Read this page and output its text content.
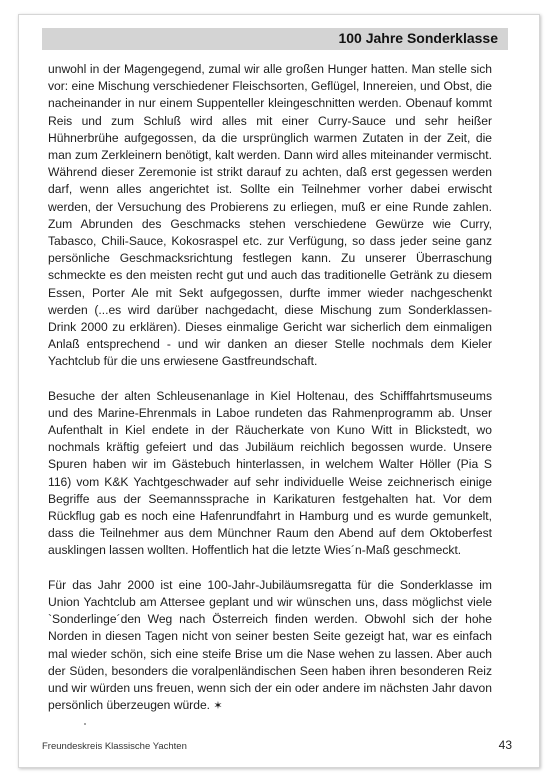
100 Jahre Sonderklasse

unwohl in der Magengegend, zumal wir alle großen Hunger hatten. Man stelle sich vor: eine Mischung verschiedener Fleischsorten, Geflügel, Innereien, und Obst, die nacheinander in nur einem Suppenteller kleingeschnitten werden. Obenauf kommt Reis und zum Schluß wird alles mit einer Curry-Sauce und sehr heißer Hühnerbrühe aufgegossen, da die ursprünglich warmen Zutaten in der Zeit, die man zum Zerkleinern benötigt, kalt werden. Dann wird alles miteinander vermischt. Während dieser Zeremonie ist strikt darauf zu achten, daß erst gegessen werden darf, wenn alles angerichtet ist. Sollte ein Teilnehmer vorher dabei erwischt werden, der Versuchung des Probierens zu erliegen, muß er eine Runde zahlen. Zum Abrunden des Geschmacks stehen verschiedene Gewürze wie Curry, Tabasco, Chili-Sauce, Kokosraspel etc. zur Verfügung, so dass jeder seine ganz persönliche Geschmacksrichtung festlegen kann. Zu unserer Überraschung schmeckte es den meisten recht gut und auch das traditionelle Getränk zu diesem Essen, Porter Ale mit Sekt aufgegossen, durfte immer wieder nachgeschenkt werden (...es wird darüber nachgedacht, diese Mischung zum Sonderklassen-Drink 2000 zu erklären). Dieses einmalige Gericht war sicherlich dem einmaligen Anlaß entsprechend - und wir danken an dieser Stelle nochmals dem Kieler Yachtclub für die uns erwiesene Gastfreundschaft.

Besuche der alten Schleusenanlage in Kiel Holtenau, des Schifffahrtsmuseums und des Marine-Ehrenmals in Laboe rundeten das Rahmenprogramm ab. Unser Aufenthalt in Kiel endete in der Räucherkate von Kuno Witt in Blickstedt, wo nochmals kräftig gefeiert und das Jubiläum reichlich begossen wurde. Unsere Spuren haben wir im Gästebuch hinterlassen, in welchem Walter Höller (Pia S 116) vom K&K Yachtgeschwader auf sehr individuelle Weise zeichnerisch einige Begriffe aus der Seemannssprache in Karikaturen festgehalten hat. Vor dem Rückflug gab es noch eine Hafenrundfahrt in Hamburg und es wurde gemunkelt, dass die Teilnehmer aus dem Münchner Raum den Abend auf dem Oktoberfest ausklingen lassen wollten. Hoffentlich hat die letzte Wies´n-Maß geschmeckt.

Für das Jahr 2000 ist eine 100-Jahr-Jubiläumsregatta für die Sonderklasse im Union Yachtclub am Attersee geplant und wir wünschen uns, dass möglichst viele `Sonderlinge´den Weg nach Österreich finden werden. Obwohl sich der hohe Norden in diesen Tagen nicht von seiner besten Seite gezeigt hat, war es einfach mal wieder schön, sich eine steife Brise um die Nase wehen zu lassen. Aber auch der Süden, besonders die voralpenländischen Seen haben ihren besonderen Reiz und wir würden uns freuen, wenn sich der ein oder andere im nächsten Jahr davon persönlich überzeugen würde. ✶

Freundeskreis Klassische Yachten	43
